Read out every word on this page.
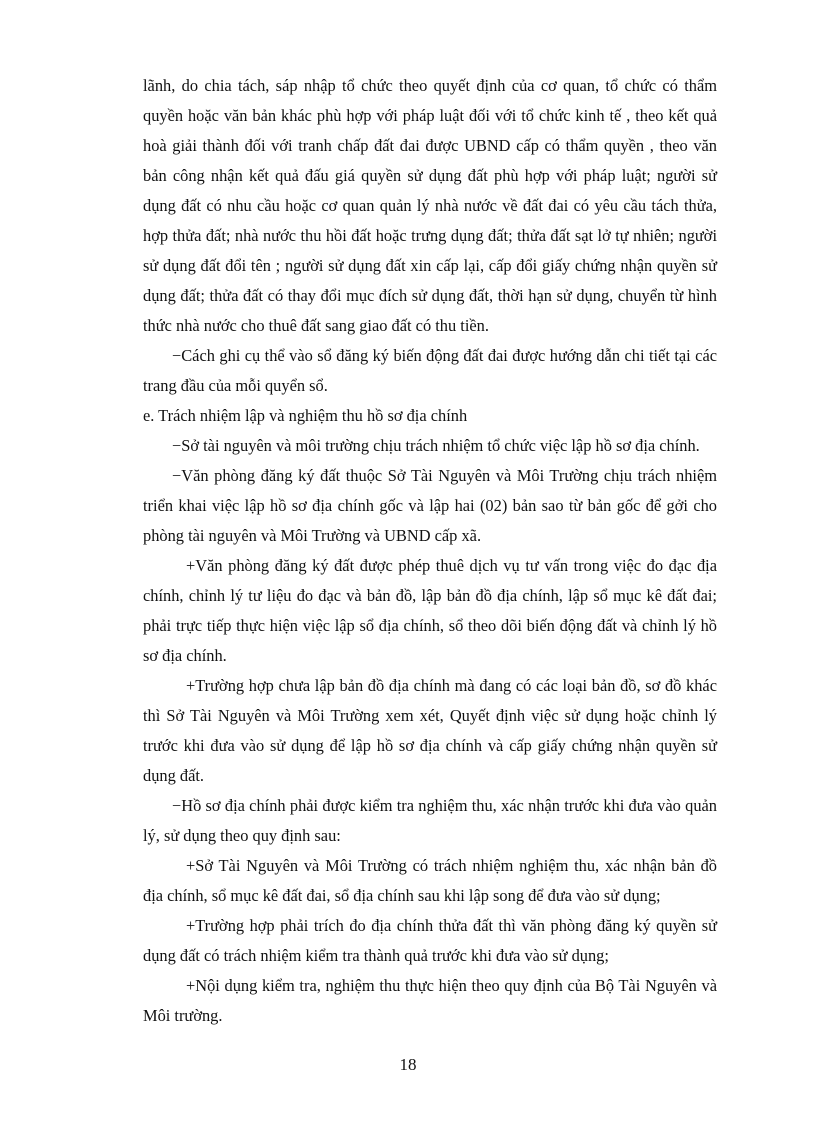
lãnh, do chia tách, sáp nhập tổ chức theo quyết định của cơ quan, tổ chức có thẩm quyền hoặc văn bản khác phù hợp với pháp luật đối với tổ chức kinh tế , theo kết quả hoà giải thành đối với tranh chấp đất đai được UBND cấp có thẩm quyền , theo văn bản công nhận kết quả đấu giá quyền sử dụng đất phù hợp với pháp luật; người sử dụng đất có nhu cầu hoặc cơ quan quản lý nhà nước về đất đai có yêu cầu tách thửa, hợp thửa đất; nhà nước thu hồi đất hoặc trưng dụng đất; thửa đất sạt lở tự nhiên; người sử dụng đất đổi tên ; người sử dụng đất xin cấp lại, cấp đổi giấy chứng nhận quyền sử dụng đất; thửa đất có thay đổi mục đích sử dụng đất, thời hạn sử dụng, chuyển từ hình thức nhà nước cho thuê đất sang giao đất có thu tiền.

−Cách ghi cụ thể vào sổ đăng ký biến động đất đai được hướng dẫn chi tiết tại các trang đầu của mỗi quyển sổ.

e. Trách nhiệm lập và nghiệm thu hồ sơ địa chính

−Sở tài nguyên và môi trường chịu trách nhiệm tổ chức việc lập hồ sơ địa chính.

−Văn phòng đăng ký đất thuộc Sở Tài Nguyên và Môi Trường chịu trách nhiệm triển khai việc lập hồ sơ địa chính gốc và lập hai (02) bản sao từ bản gốc để gởi cho phòng tài nguyên và Môi Trường và UBND cấp xã.

+Văn phòng đăng ký đất được phép thuê dịch vụ tư vấn trong việc đo đạc địa chính, chỉnh lý tư liệu đo đạc và bản đồ, lập bản đồ địa chính, lập sổ mục kê đất đai; phải trực tiếp thực hiện việc lập sổ địa chính, sổ theo dõi biến động đất và chỉnh lý hồ sơ địa chính.

+Trường hợp chưa lập bản đồ địa chính mà đang có các loại bản đồ, sơ đồ khác thì Sở Tài Nguyên và Môi Trường xem xét, Quyết định việc sử dụng hoặc chỉnh lý trước khi đưa vào sử dụng để lập hồ sơ địa chính và cấp giấy chứng nhận quyền sử dụng đất.

−Hồ sơ địa chính phải được kiểm tra nghiệm thu, xác nhận trước khi đưa vào quản lý, sử dụng theo quy định sau:

+Sở Tài Nguyên và Môi Trường có trách nhiệm nghiệm thu, xác nhận bản đồ địa chính, sổ mục kê đất đai, sổ địa chính sau khi lập song để đưa vào sử dụng;

+Trường hợp phải trích đo địa chính thửa đất thì văn phòng đăng ký quyền sử dụng đất có trách nhiệm kiểm tra thành quả trước khi đưa vào sử dụng;

+Nội dụng kiểm tra, nghiệm thu thực hiện theo quy định của Bộ Tài Nguyên và Môi trường.

18
